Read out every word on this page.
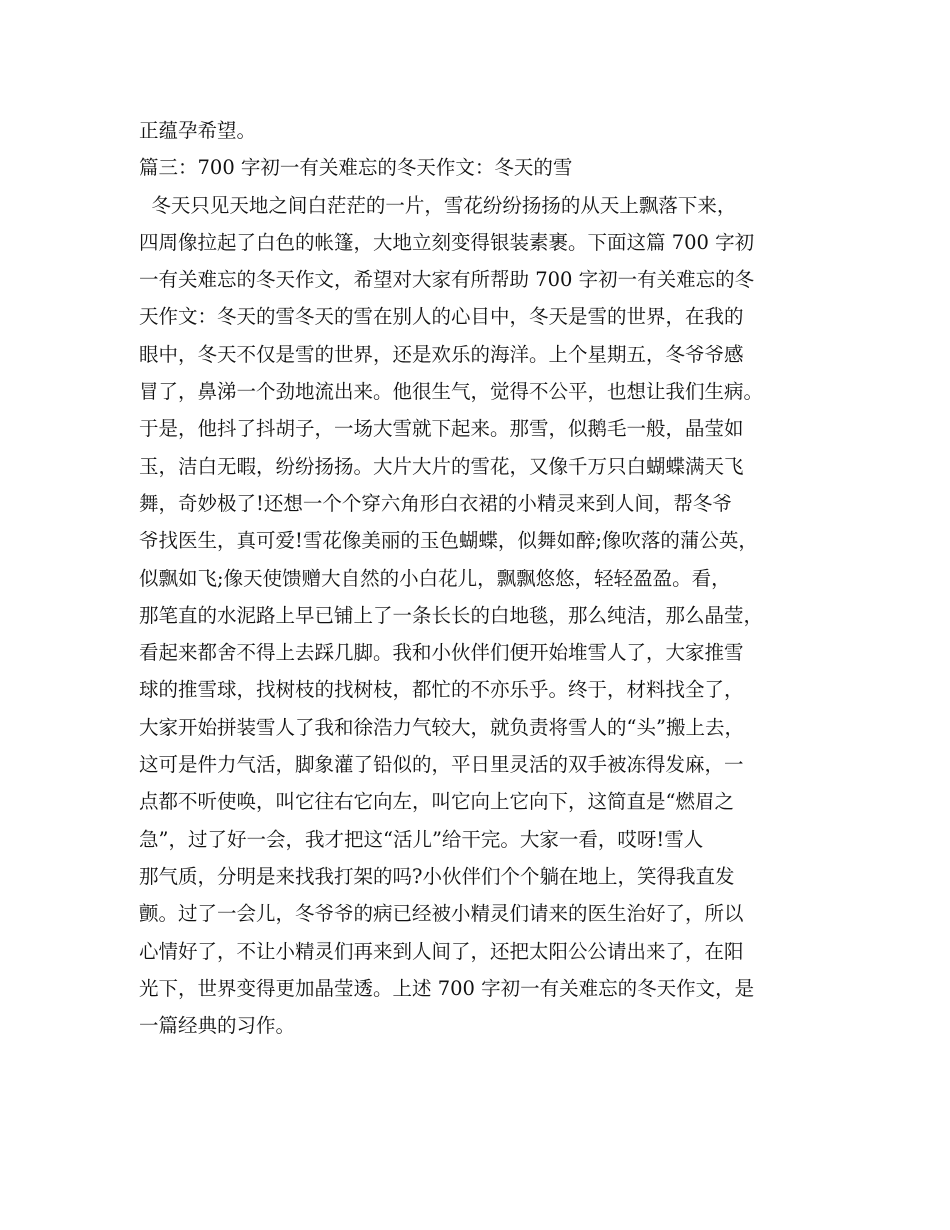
正蕴孕希望。
篇三：700 字初一有关难忘的冬天作文：冬天的雪
冬天只见天地之间白茫茫的一片，雪花纷纷扬扬的从天上飘落下来，
四周像拉起了白色的帐篷，大地立刻变得银装素裹。下面这篇 700 字初
一有关难忘的冬天作文，希望对大家有所帮助 700 字初一有关难忘的冬
天作文：冬天的雪冬天的雪在别人的心目中，冬天是雪的世界，在我的
眼中，冬天不仅是雪的世界，还是欢乐的海洋。上个星期五，冬爷爷感
冒了，鼻涕一个劲地流出来。他很生气，觉得不公平，也想让我们生病。
于是，他抖了抖胡子，一场大雪就下起来。那雪，似鹅毛一般，晶莹如
玉，洁白无暇，纷纷扬扬。大片大片的雪花，又像千万只白蝴蝶满天飞
舞，奇妙极了!还想一个个穿六角形白衣裙的小精灵来到人间，帮冬爷
爷找医生，真可爱!雪花像美丽的玉色蝴蝶，似舞如醉;像吹落的蒲公英，
似飘如飞;像天使馈赠大自然的小白花儿，飘飘悠悠，轻轻盈盈。看，
那笔直的水泥路上早已铺上了一条长长的白地毯，那么纯洁，那么晶莹，
看起来都舍不得上去踩几脚。我和小伙伴们便开始堆雪人了，大家推雪
球的推雪球，找树枝的找树枝，都忙的不亦乐乎。终于，材料找全了，
大家开始拼装雪人了我和徐浩力气较大，就负责将雪人的“头”搬上去，
这可是件力气活，脚象灌了铅似的，平日里灵活的双手被冻得发麻，一
点都不听使唤，叫它往右它向左，叫它向上它向下，这简直是“燃眉之
急”，过了好一会，我才把这“活儿”给干完。大家一看，哎呀!雪人
那气质，分明是来找我打架的吗?小伙伴们个个躺在地上，笑得我直发
颤。过了一会儿，冬爷爷的病已经被小精灵们请来的医生治好了，所以
心情好了，不让小精灵们再来到人间了，还把太阳公公请出来了，在阳
光下，世界变得更加晶莹透。上述 700 字初一有关难忘的冬天作文，是
一篇经典的习作。
